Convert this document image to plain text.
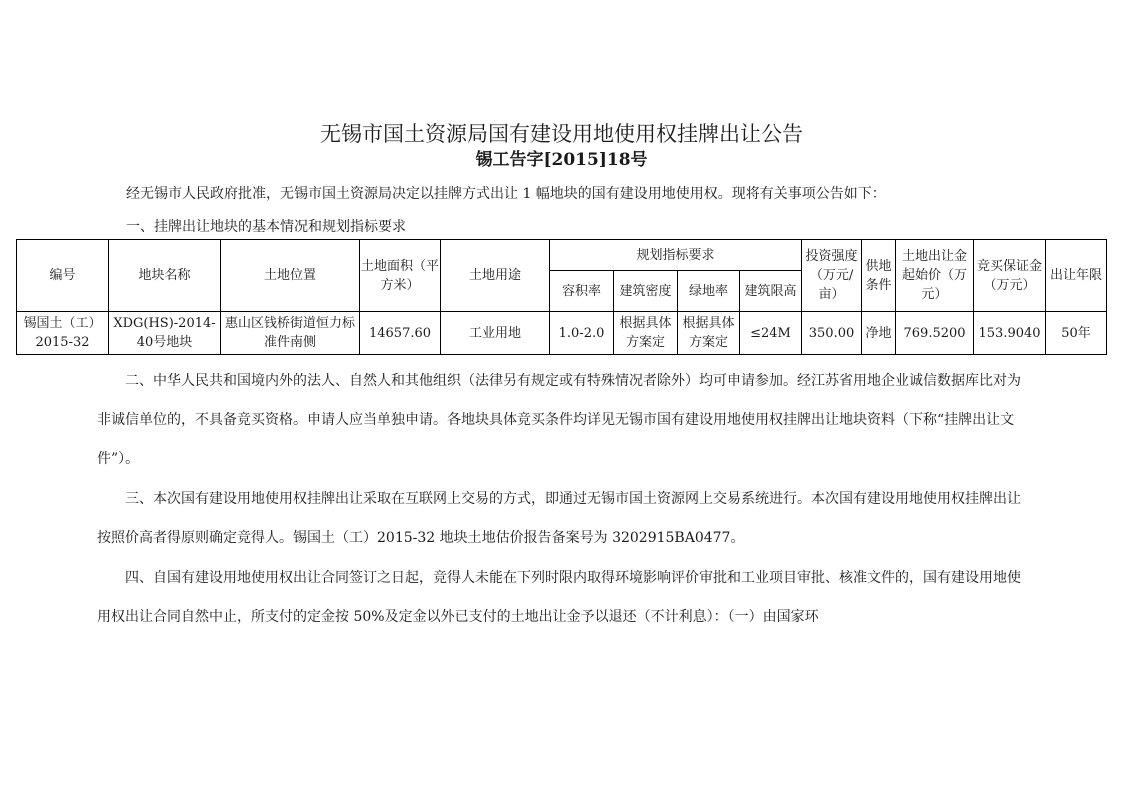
无锡市国土资源局国有建设用地使用权挂牌出让公告
锡工告字[2015]18号

经无锡市人民政府批准，无锡市国土资源局决定以挂牌方式出让 1 幅地块的国有建设用地使用权。现将有关事项公告如下：

一、挂牌出让地块的基本情况和规划指标要求

编号	地块名称	土地位置	土地面积（平方米）	土地用途	规划指标要求				投资强度（万元/亩）	供地条件	土地出让金起始价（万元）	竞买保证金（万元）	出让年限
					容积率	建筑密度	绿地率	建筑限高					
锡国土（工）2015-32	XDG(HS)-2014-40号地块	惠山区钱桥街道恒力标准件南侧	14657.60	工业用地	1.0-2.0	根据具体方案定	根据具体方案定	≤24M	350.00	净地	769.5200	153.9040	50年

二、中华人民共和国境内外的法人、自然人和其他组织（法律另有规定或有特殊情况者除外）均可申请参加。经江苏省用地企业诚信数据库比对为非诚信单位的，不具备竞买资格。申请人应当单独申请。各地块具体竞买条件均详见无锡市国有建设用地使用权挂牌出让地块资料（下称“挂牌出让文件”）。

三、本次国有建设用地使用权挂牌出让采取在互联网上交易的方式，即通过无锡市国土资源网上交易系统进行。本次国有建设用地使用权挂牌出让按照价高者得原则确定竞得人。锡国土（工）2015-32 地块土地估价报告备案号为 3202915BA0477。

四、自国有建设用地使用权出让合同签订之日起，竞得人未能在下列时限内取得环境影响评价审批和工业项目审批、核准文件的，国有建设用地使用权出让合同自然中止，所支付的定金按 50%及定金以外已支付的土地出让金予以退还（不计利息）：（一）由国家环
